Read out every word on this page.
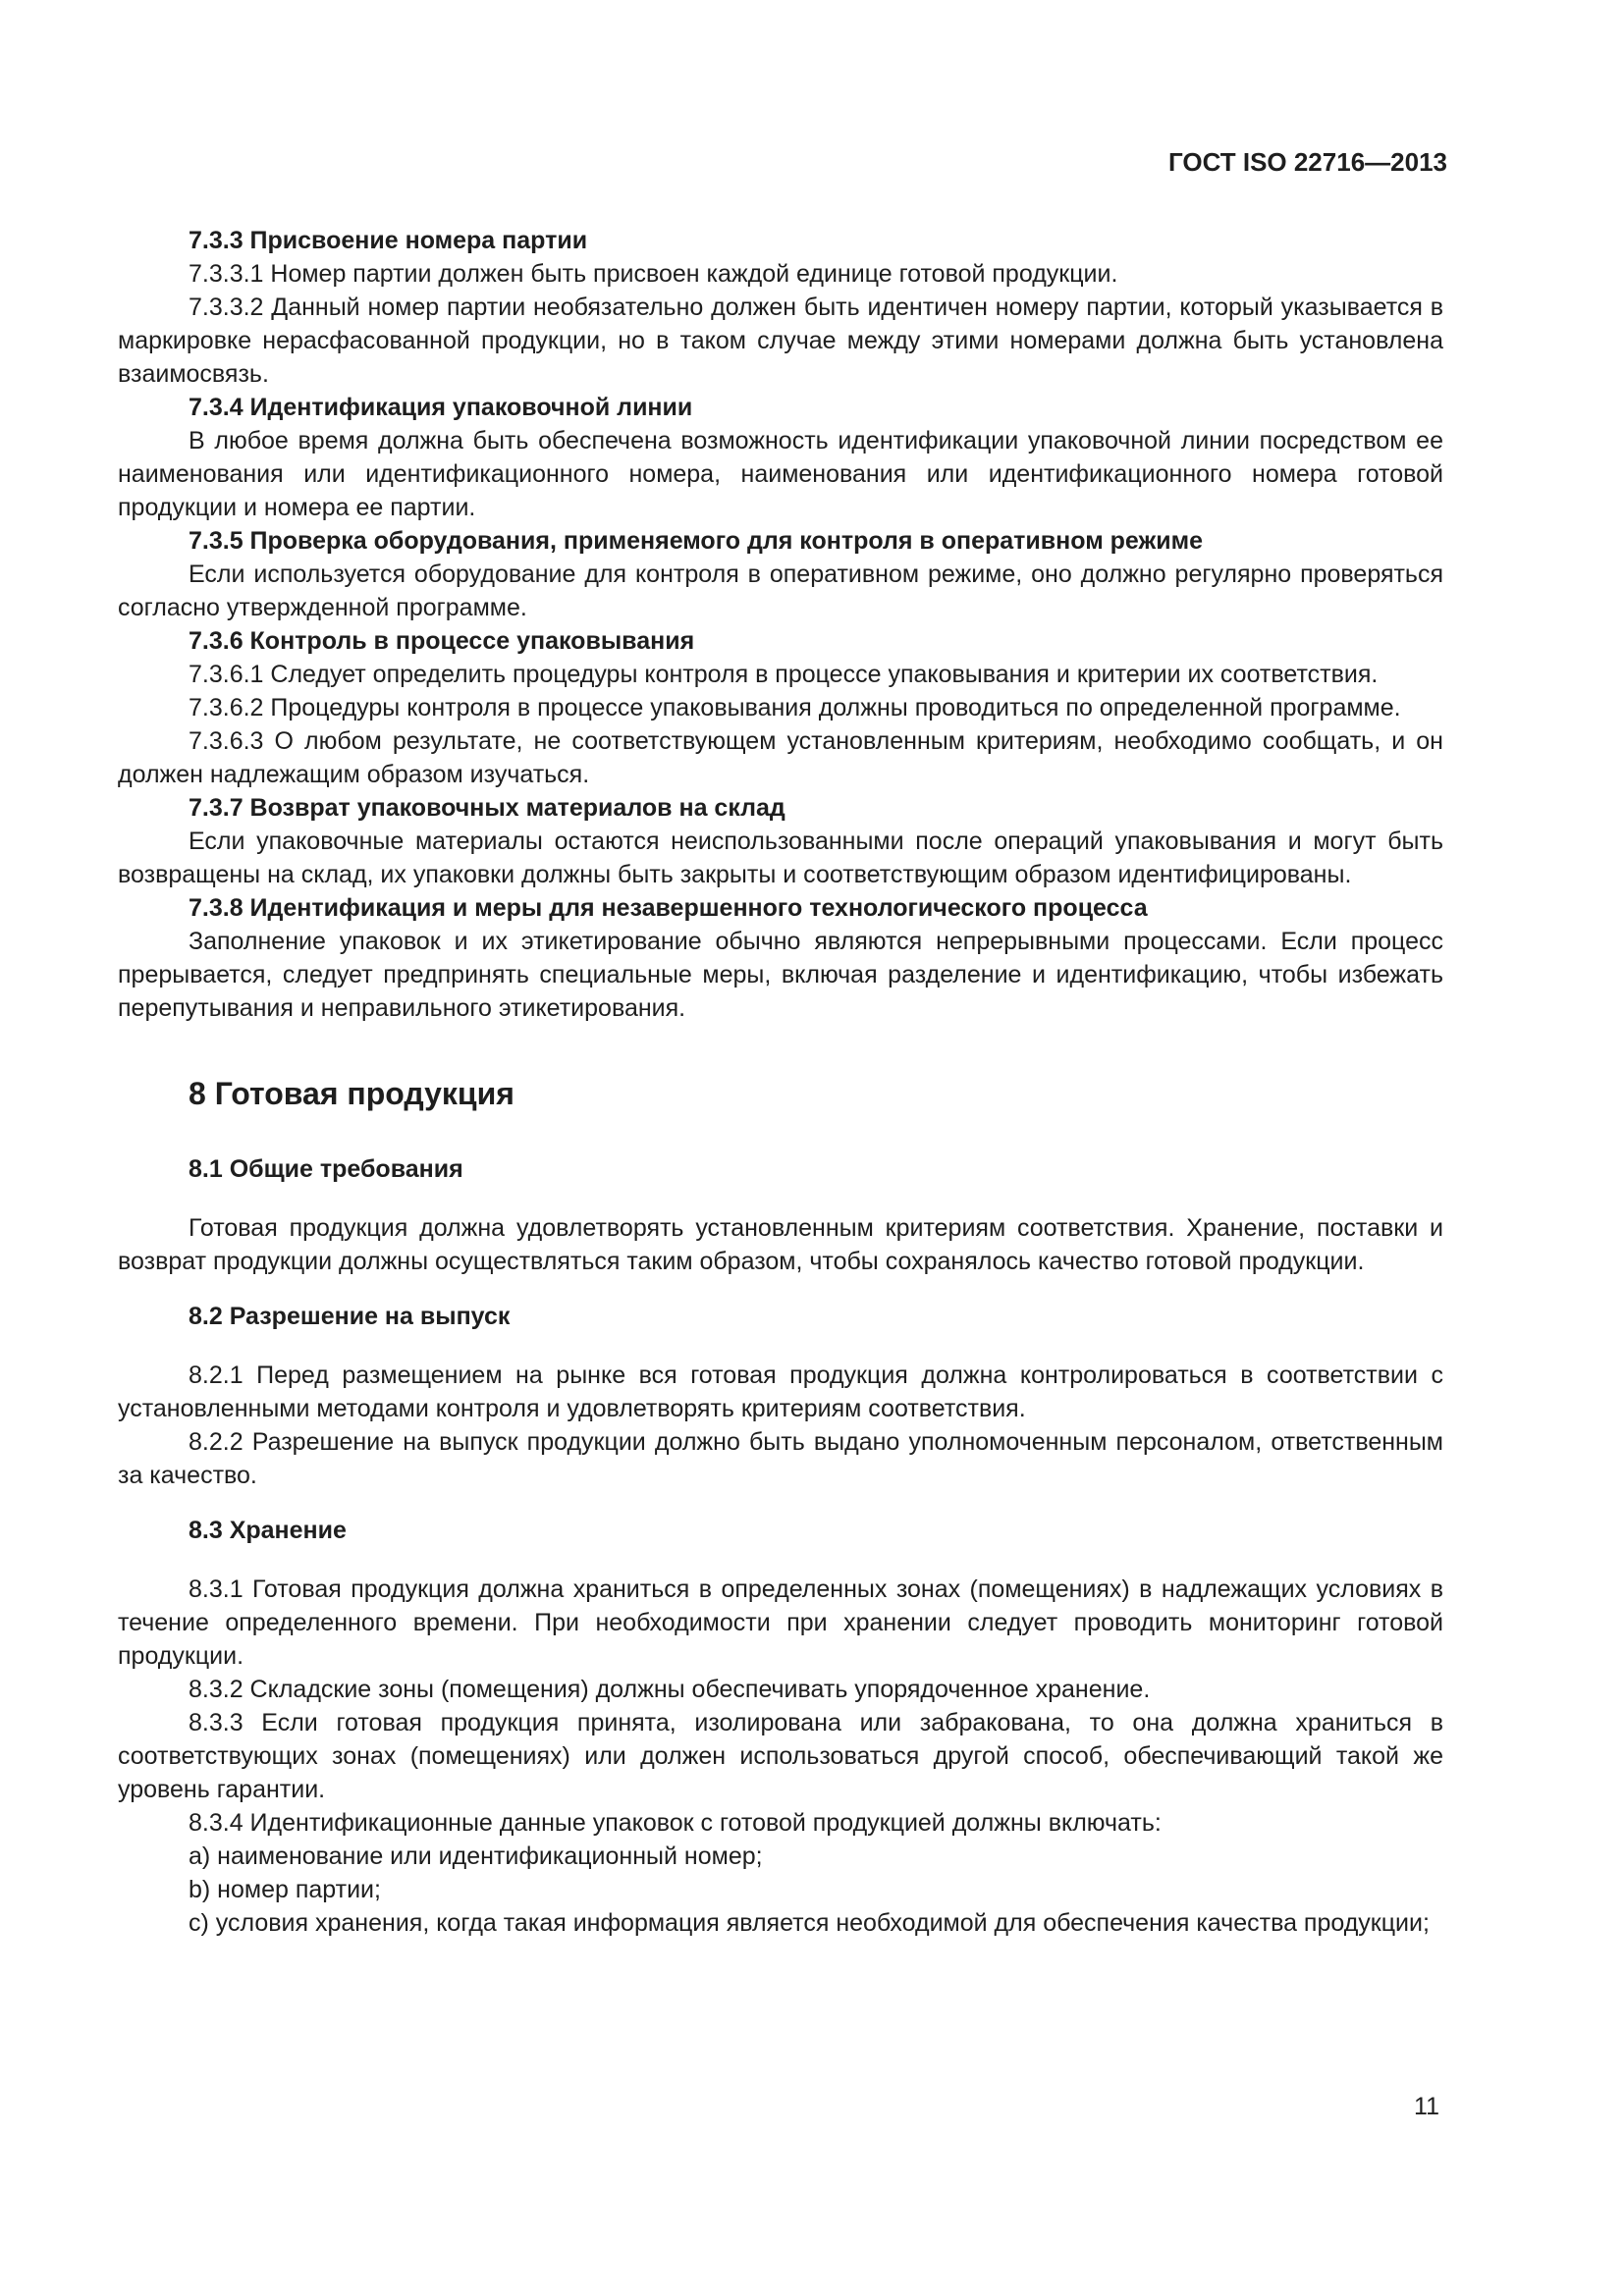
ГОСТ ISO 22716—2013

7.3.3 Присвоение номера партии

7.3.3.1 Номер партии должен быть присвоен каждой единице готовой продукции.

7.3.3.2 Данный номер партии необязательно должен быть идентичен номеру партии, который указывается в маркировке нерасфасованной продукции, но в таком случае между этими номерами должна быть установлена взаимосвязь.

7.3.4 Идентификация упаковочной линии

В любое время должна быть обеспечена возможность идентификации упаковочной линии посредством ее наименования или идентификационного номера, наименования или идентификационного номера готовой продукции и номера ее партии.

7.3.5 Проверка оборудования, применяемого для контроля в оперативном режиме

Если используется оборудование для контроля в оперативном режиме, оно должно регулярно проверяться согласно утвержденной программе.

7.3.6 Контроль в процессе упаковывания

7.3.6.1 Следует определить процедуры контроля в процессе упаковывания и критерии их соответствия.

7.3.6.2 Процедуры контроля в процессе упаковывания должны проводиться по определенной программе.

7.3.6.3 О любом результате, не соответствующем установленным критериям, необходимо сообщать, и он должен надлежащим образом изучаться.

7.3.7 Возврат упаковочных материалов на склад

Если упаковочные материалы остаются неиспользованными после операций упаковывания и могут быть возвращены на склад, их упаковки должны быть закрыты и соответствующим образом идентифицированы.

7.3.8 Идентификация и меры для незавершенного технологического процесса

Заполнение упаковок и их этикетирование обычно являются непрерывными процессами. Если процесс прерывается, следует предпринять специальные меры, включая разделение и идентификацию, чтобы избежать перепутывания и неправильного этикетирования.

8 Готовая продукция

8.1 Общие требования

Готовая продукция должна удовлетворять установленным критериям соответствия. Хранение, поставки и возврат продукции должны осуществляться таким образом, чтобы сохранялось качество готовой продукции.

8.2 Разрешение на выпуск

8.2.1 Перед размещением на рынке вся готовая продукция должна контролироваться в соответствии с установленными методами контроля и удовлетворять критериям соответствия.

8.2.2 Разрешение на выпуск продукции должно быть выдано уполномоченным персоналом, ответственным за качество.

8.3 Хранение

8.3.1 Готовая продукция должна храниться в определенных зонах (помещениях) в надлежащих условиях в течение определенного времени. При необходимости при хранении следует проводить мониторинг готовой продукции.

8.3.2 Складские зоны (помещения) должны обеспечивать упорядоченное хранение.

8.3.3 Если готовая продукция принята, изолирована или забракована, то она должна храниться в соответствующих зонах (помещениях) или должен использоваться другой способ, обеспечивающий такой же уровень гарантии.

8.3.4 Идентификационные данные упаковок с готовой продукцией должны включать:

a) наименование или идентификационный номер;

b) номер партии;

c) условия хранения, когда такая информация является необходимой для обеспечения качества продукции;

11
